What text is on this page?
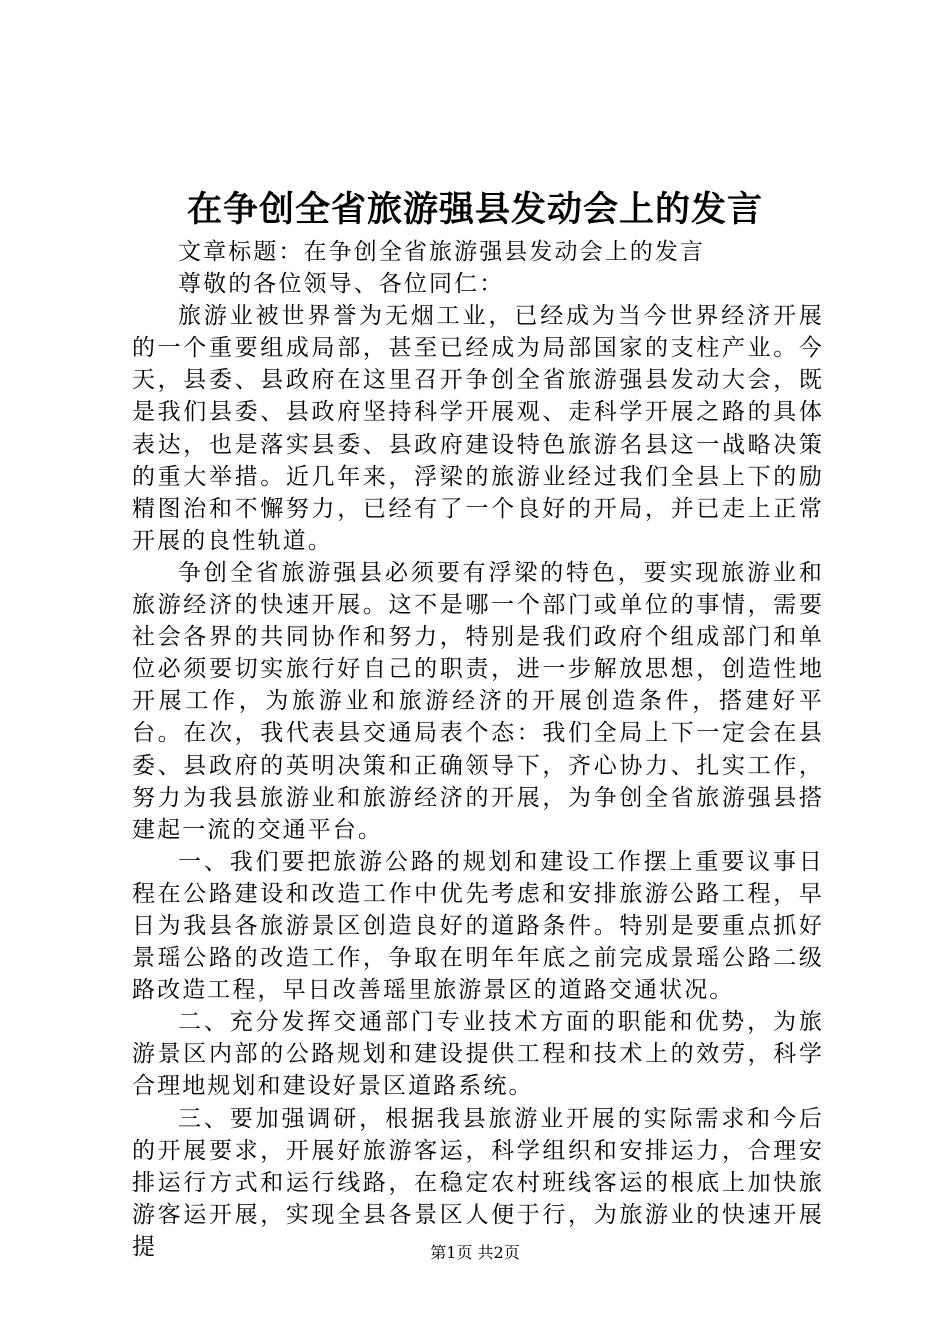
在争创全省旅游强县发动会上的发言

文章标题：在争创全省旅游强县发动会上的发言

尊敬的各位领导、各位同仁：

旅游业被世界誉为无烟工业，已经成为当今世界经济开展的一个重要组成局部，甚至已经成为局部国家的支柱产业。今天，县委、县政府在这里召开争创全省旅游强县发动大会，既是我们县委、县政府坚持科学开展观、走科学开展之路的具体表达，也是落实县委、县政府建设特色旅游名县这一战略决策的重大举措。近几年来，浮梁的旅游业经过我们全县上下的励精图治和不懈努力，已经有了一个良好的开局，并已走上正常开展的良性轨道。

争创全省旅游强县必须要有浮梁的特色，要实现旅游业和旅游经济的快速开展。这不是哪一个部门或单位的事情，需要社会各界的共同协作和努力，特别是我们政府个组成部门和单位必须要切实旅行好自己的职责，进一步解放思想，创造性地开展工作，为旅游业和旅游经济的开展创造条件，搭建好平台。在次，我代表县交通局表个态：我们全局上下一定会在县委、县政府的英明决策和正确领导下，齐心协力、扎实工作，努力为我县旅游业和旅游经济的开展，为争创全省旅游强县搭建起一流的交通平台。

一、我们要把旅游公路的规划和建设工作摆上重要议事日程在公路建设和改造工作中优先考虑和安排旅游公路工程，早日为我县各旅游景区创造良好的道路条件。特别是要重点抓好景瑶公路的改造工作，争取在明年年底之前完成景瑶公路二级路改造工程，早日改善瑶里旅游景区的道路交通状况。

二、充分发挥交通部门专业技术方面的职能和优势，为旅游景区内部的公路规划和建设提供工程和技术上的效劳，科学合理地规划和建设好景区道路系统。

三、要加强调研，根据我县旅游业开展的实际需求和今后的开展要求，开展好旅游客运，科学组织和安排运力，合理安排运行方式和运行线路，在稳定农村班线客运的根底上加快旅游客运开展，实现全县各景区人便于行，为旅游业的快速开展提	第1页 共2页
